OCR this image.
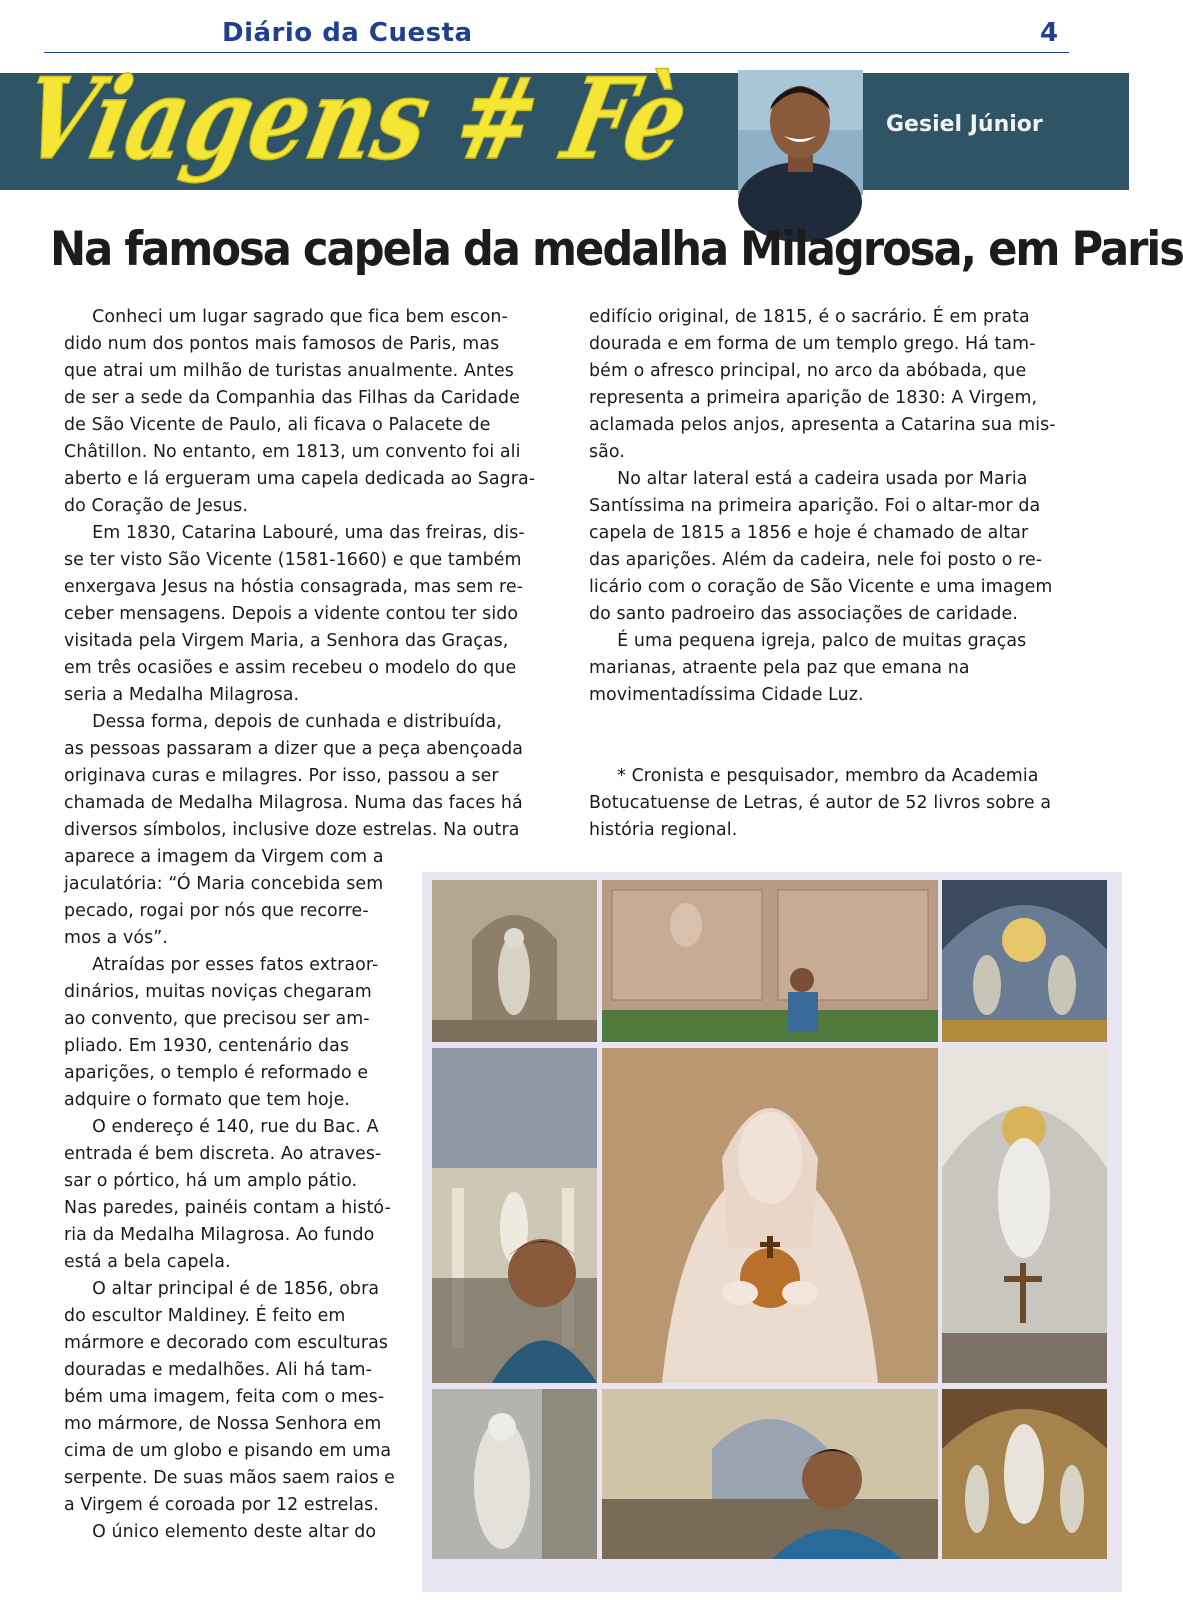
Diário da Cuesta	4
Viagens # Fè Gesiel Júnior
Na famosa capela da medalha Milagrosa, em Paris

Conheci um lugar sagrado que fica bem escon-

dido num dos pontos mais famosos de Paris, mas

que atrai um milhão de turistas anualmente. Antes

de ser a sede da Companhia das Filhas da Caridade

de São Vicente de Paulo, ali ficava o Palacete de

Châtillon. No entanto, em 1813, um convento foi ali

aberto e lá ergueram uma capela dedicada ao Sagra-

do Coração de Jesus.

Em 1830, Catarina Labouré, uma das freiras, dis-

se ter visto São Vicente (1581-1660) e que também

enxergava Jesus na hóstia consagrada, mas sem re-

ceber mensagens. Depois a vidente contou ter sido

visitada pela Virgem Maria, a Senhora das Graças,

em três ocasiões e assim recebeu o modelo do que

seria a Medalha Milagrosa.

Dessa forma, depois de cunhada e distribuída,

as pessoas passaram a dizer que a peça abençoada

originava curas e milagres. Por isso, passou a ser

chamada de Medalha Milagrosa. Numa das faces há

diversos símbolos, inclusive doze estrelas. Na outra

edifício original, de 1815, é o sacrário. É em prata

dourada e em forma de um templo grego. Há tam-

bém o afresco principal, no arco da abóbada, que

representa a primeira aparição de 1830: A Virgem,

aclamada pelos anjos, apresenta a Catarina sua mis-

são.

No altar lateral está a cadeira usada por Maria

Santíssima na primeira aparição. Foi o altar-mor da

capela de 1815 a 1856 e hoje é chamado de altar

das aparições. Além da cadeira, nele foi posto o re-

licário com o coração de São Vicente e uma imagem

do santo padroeiro das associações de caridade.

É uma pequena igreja, palco de muitas graças

marianas, atraente pela paz que emana na

movimentadíssima Cidade Luz.

* Cronista e pesquisador, membro da Academia

Botucatuense de Letras, é autor de 52 livros sobre a

história regional.

aparece a imagem da Virgem com a

jaculatória: “Ó Maria concebida sem

pecado, rogai por nós que recorre-

mos a vós”.

Atraídas por esses fatos extraor-

dinários, muitas noviças chegaram

ao convento, que precisou ser am-

pliado. Em 1930, centenário das

aparições, o templo é reformado e

adquire o formato que tem hoje.

O endereço é 140, rue du Bac. A

entrada é bem discreta. Ao atraves-

sar o pórtico, há um amplo pátio.

Nas paredes, painéis contam a histó-

ria da Medalha Milagrosa. Ao fundo

está a bela capela.

O altar principal é de 1856, obra

do escultor Maldiney. É feito em

mármore e decorado com esculturas

douradas e medalhões. Ali há tam-

bém uma imagem, feita com o mes-

mo mármore, de Nossa Senhora em

cima de um globo e pisando em uma

serpente. De suas mãos saem raios e

a Virgem é coroada por 12 estrelas.

O único elemento deste altar do
